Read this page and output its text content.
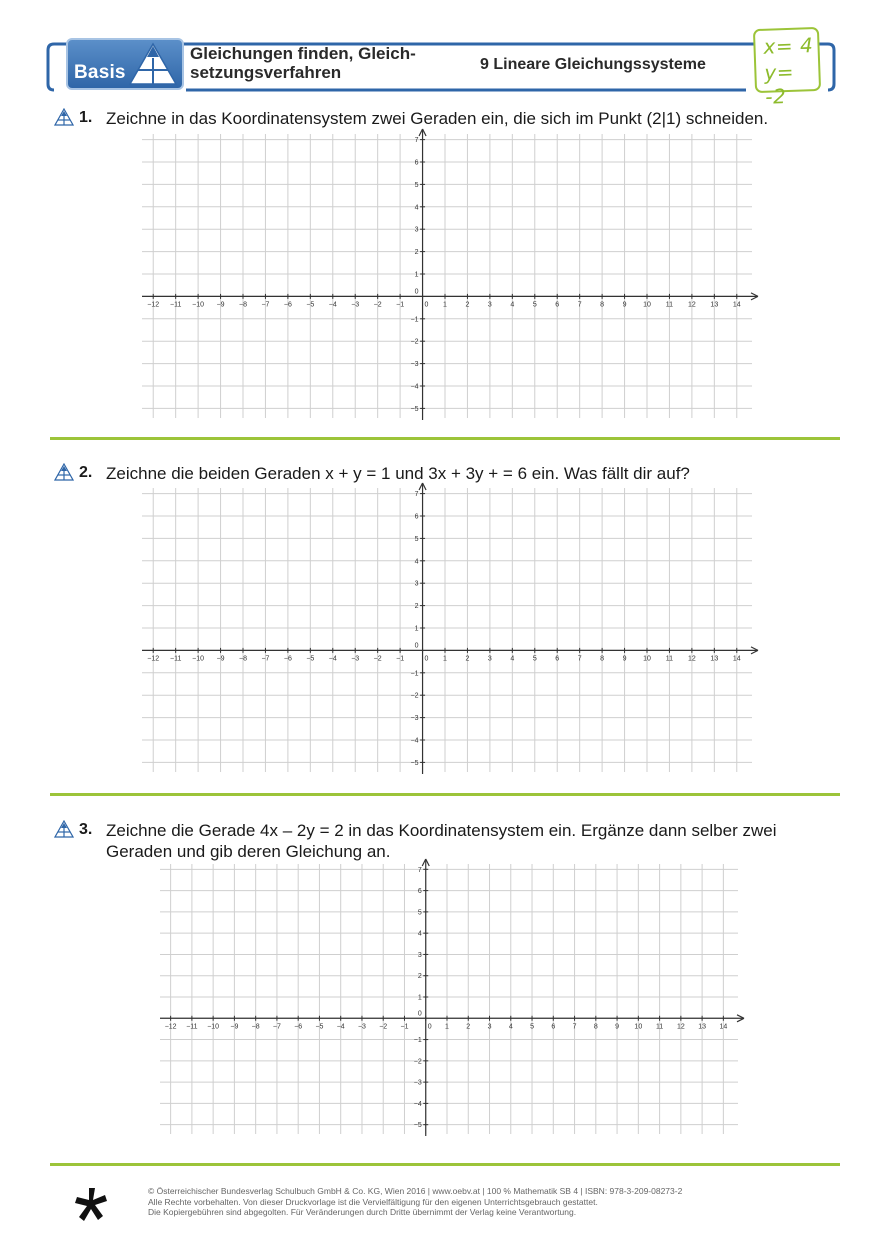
Basis
Gleichungen finden, Gleich-
setzungsverfahren	9 Lineare Gleichungssysteme
x= 4
y= -2
1. Zeichne in das Koordinatensystem zwei Geraden ein, die sich im Punkt (2|1) schneiden.
−12 −11 −10 −9 −8 −7 −6 −5 −4 −3 −2 −1	0 1	2	3	4	5	6	7	8	9 10 11 12 13 14
7
6
5
4
3
2
1
−1
−2
−3
−4
−5
0
2. Zeichne die beiden Geraden x + y = 1 und 3x + 3y + = 6 ein. Was fällt dir auf?
−12 −11 −10 −9 −8 −7 −6 −5 −4 −3 −2 −1	0 1	2	3	4	5	6	7	8	9 10 11 12 13 14
7
6
5
4
3
2
1
−1
−2
−3
−4
−5
0
3. Zeichne die Gerade 4x – 2y = 2 in das Koordinatensystem ein. Ergänze dann selber zwei
Geraden und gib deren Gleichung an.
−12 −11 −10 −9 −8 −7 −6 −5 −4 −3 −2 −1	0 1 2 3 4 5 6 7 8 9 10 11 12 13 14
7
6
5
4
3
2
1
−1
−2
−3
−4
−5
0
© Österreichischer Bundesverlag Schulbuch GmbH & Co. KG, Wien 2016 | www.oebv.at | 100 % Mathematik SB 4 | ISBN: 978-3-209-08273-2
Alle Rechte vorbehalten. Von dieser Druckvorlage ist die Vervielfältigung für den eigenen Unterrichtsgebrauch gestattet.
Die Kopiergebühren sind abgegolten. Für Veränderungen durch Dritte übernimmt der Verlag keine Verantwortung.
